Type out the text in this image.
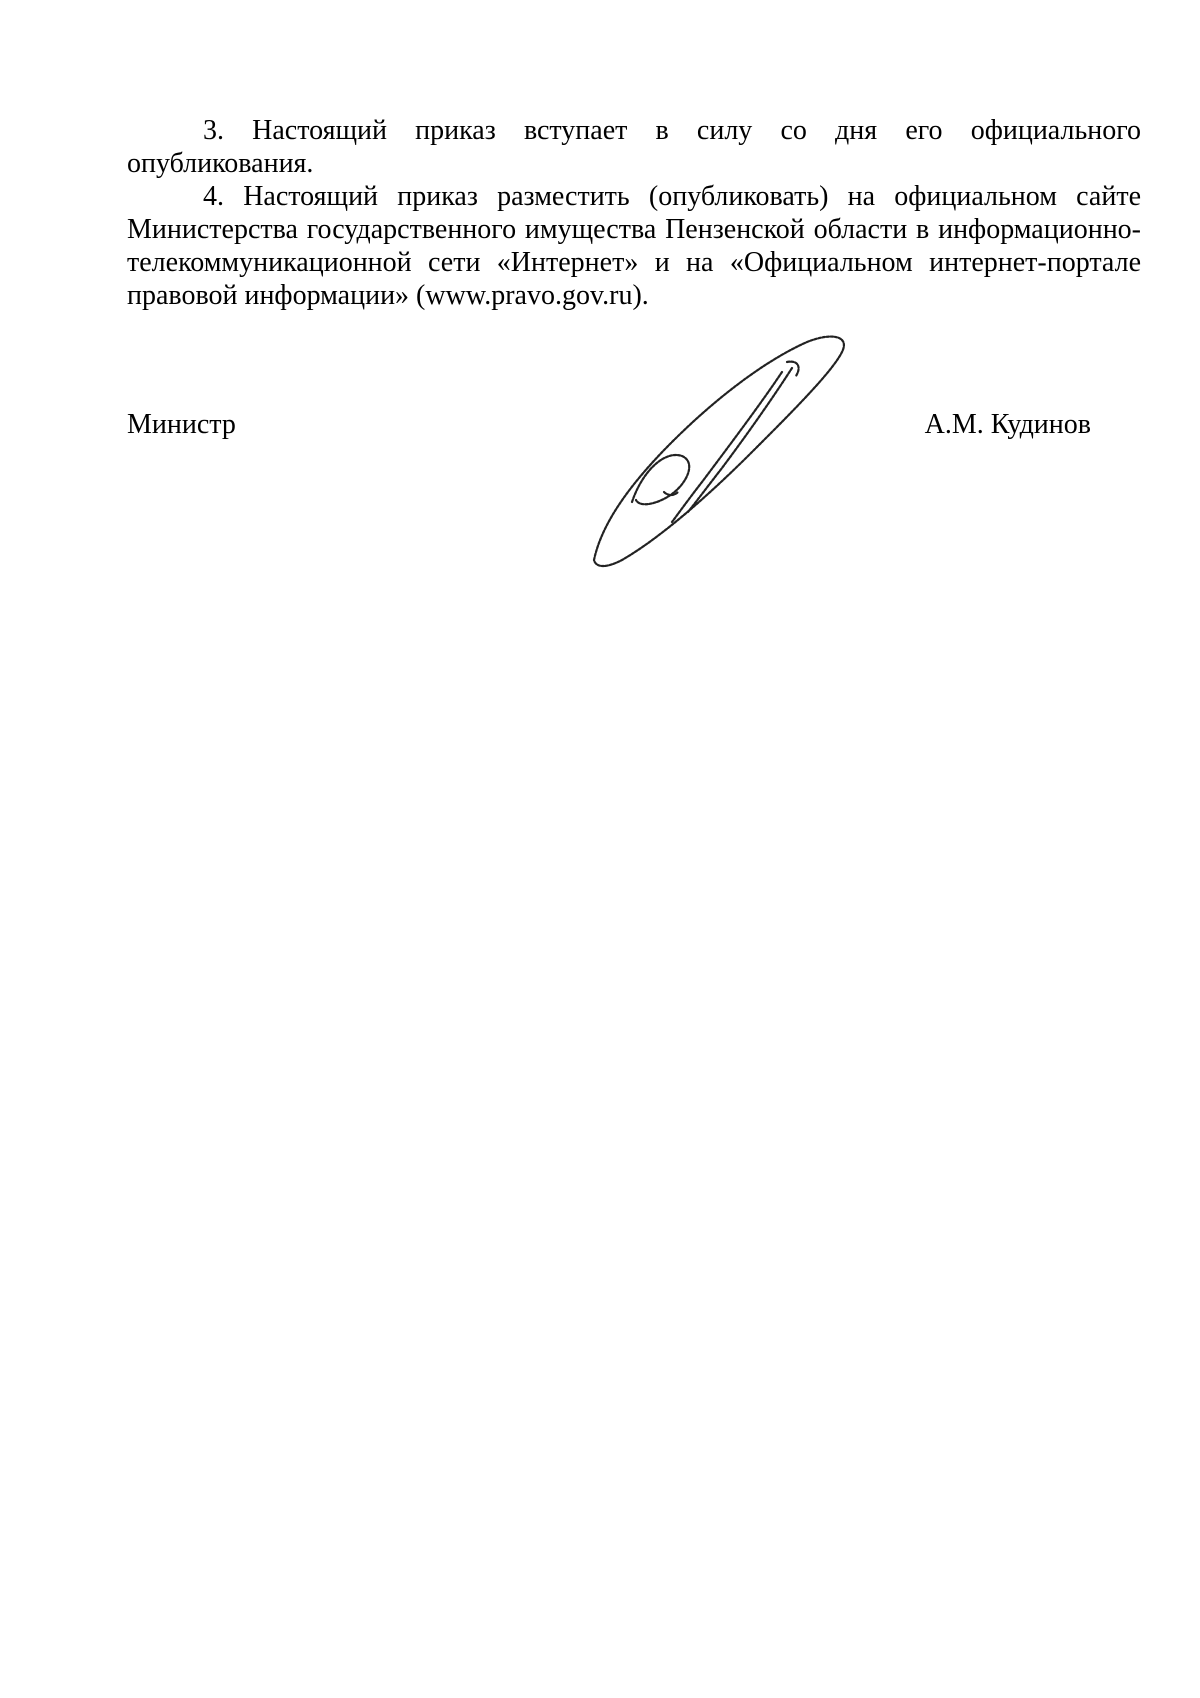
3. Настоящий приказ вступает в силу со дня его официального опубликования.

4. Настоящий приказ разместить (опубликовать) на официальном сайте Министерства государственного имущества Пензенской области в информационно-телекоммуникационной сети «Интернет» и на «Официальном интернет-портале правовой информации» (www.pravo.gov.ru).

Министр	А.М. Кудинов
